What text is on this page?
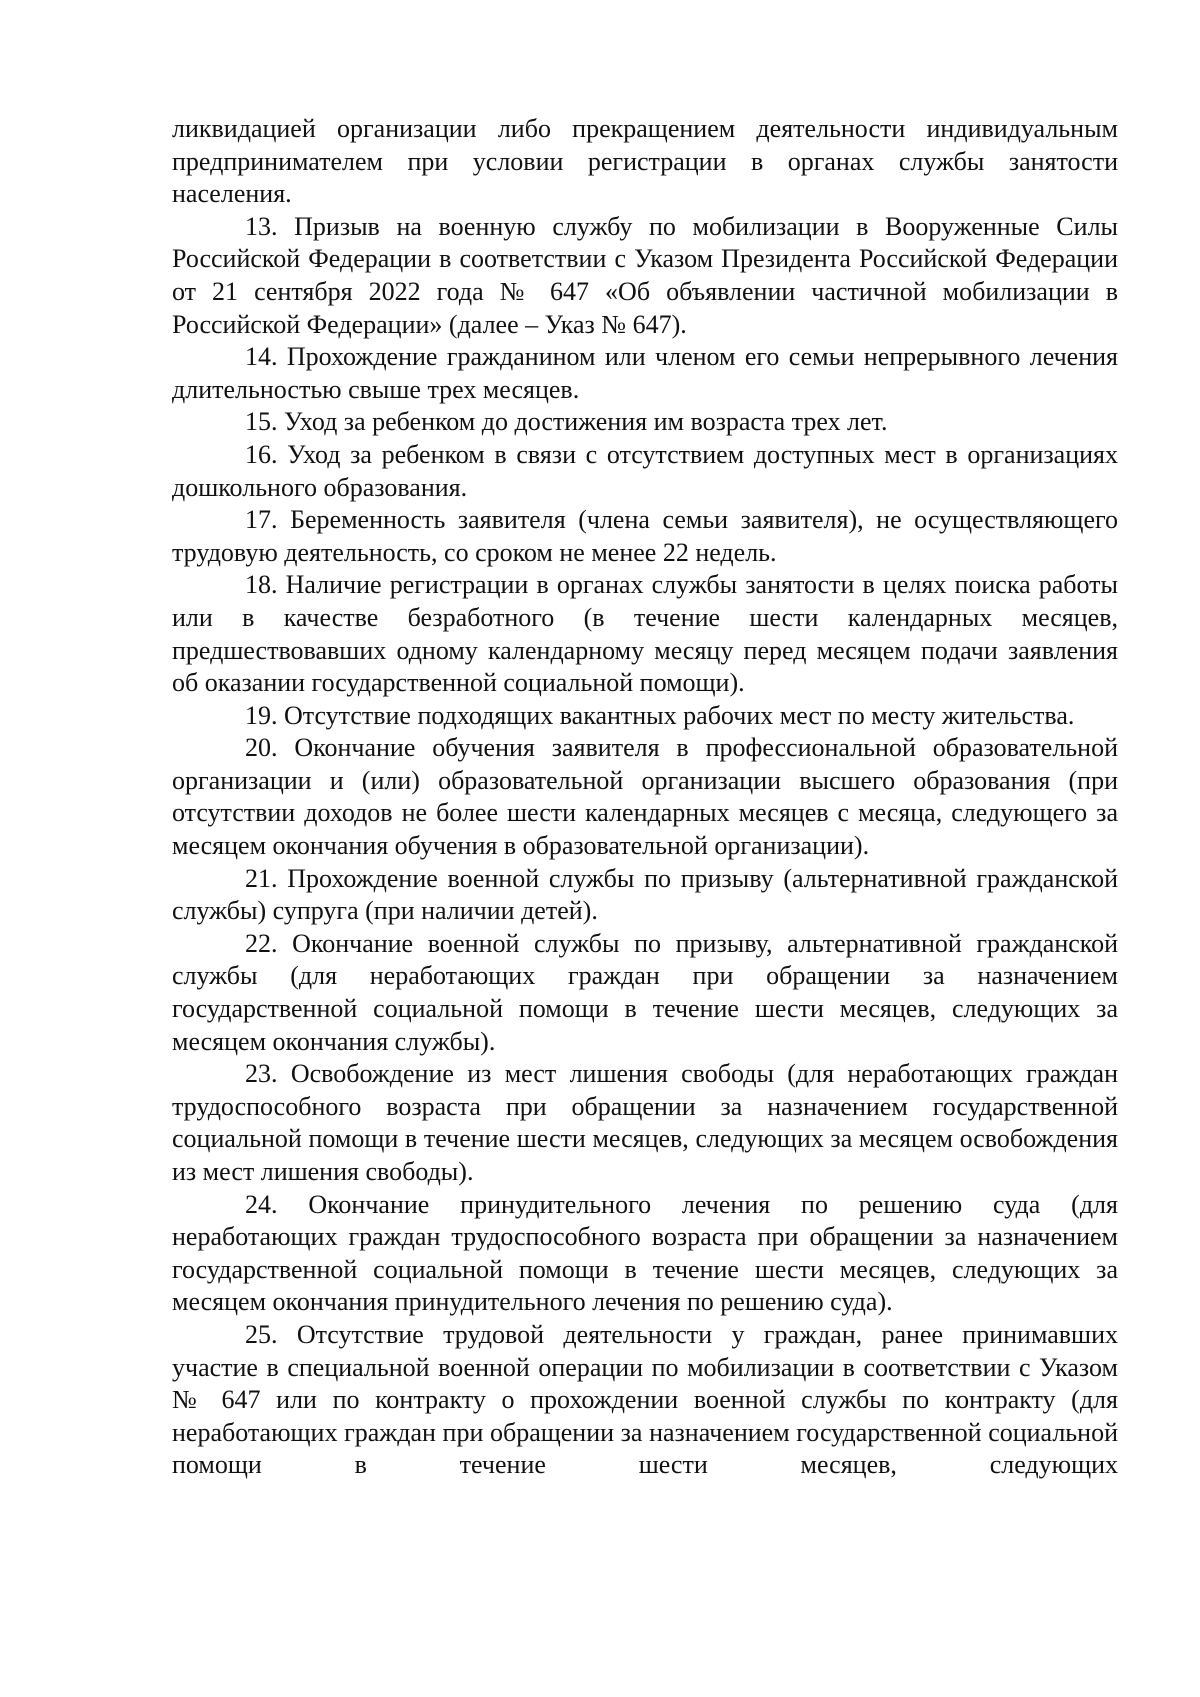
ликвидацией организации либо прекращением деятельности индивидуальным предпринимателем при условии регистрации в органах службы занятости населения.

13. Призыв на военную службу по мобилизации в Вооруженные Силы Российской Федерации в соответствии с Указом Президента Российской Федерации от 21 сентября 2022 года № 647 «Об объявлении частичной мобилизации в Российской Федерации» (далее – Указ № 647).

14. Прохождение гражданином или членом его семьи непрерывного лечения длительностью свыше трех месяцев.

15. Уход за ребенком до достижения им возраста трех лет.

16. Уход за ребенком в связи с отсутствием доступных мест в организациях дошкольного образования.

17. Беременность заявителя (члена семьи заявителя), не осуществляющего трудовую деятельность, со сроком не менее 22 недель.

18. Наличие регистрации в органах службы занятости в целях поиска работы или в качестве безработного (в течение шести календарных месяцев, предшествовавших одному календарному месяцу перед месяцем подачи заявления об оказании государственной социальной помощи).

19. Отсутствие подходящих вакантных рабочих мест по месту жительства.

20. Окончание обучения заявителя в профессиональной образовательной организации и (или) образовательной организации высшего образования (при отсутствии доходов не более шести календарных месяцев с месяца, следующего за месяцем окончания обучения в образовательной организации).

21. Прохождение военной службы по призыву (альтернативной гражданской службы) супруга (при наличии детей).

22. Окончание военной службы по призыву, альтернативной гражданской службы (для неработающих граждан при обращении за назначением государственной социальной помощи в течение шести месяцев, следующих за месяцем окончания службы).

23. Освобождение из мест лишения свободы (для неработающих граждан трудоспособного возраста при обращении за назначением государственной социальной помощи в течение шести месяцев, следующих за месяцем освобождения из мест лишения свободы).

24. Окончание принудительного лечения по решению суда (для неработающих граждан трудоспособного возраста при обращении за назначением государственной социальной помощи в течение шести месяцев, следующих за месяцем окончания принудительного лечения по решению суда).

25. Отсутствие трудовой деятельности у граждан, ранее принимавших участие в специальной военной операции по мобилизации в соответствии с Указом № 647 или по контракту о прохождении военной службы по контракту (для неработающих граждан при обращении за назначением государственной социальной помощи в течение шести месяцев, следующих
